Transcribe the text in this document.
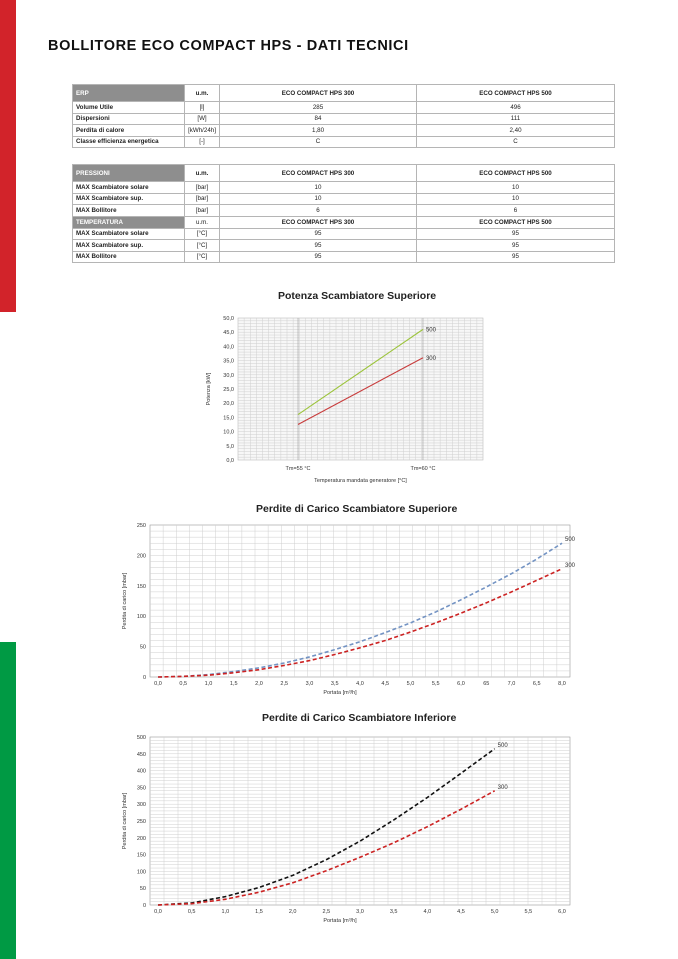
BOLLITORE ECO COMPACT HPS - DATI TECNICI
ERP	u.m.	ECO COMPACT HPS 300	ECO COMPACT HPS 500
Volume Utile	[l]	285	496
Dispersioni	[W]	84	111
Perdita di calore	[kWh/24h]	1,80	2,40
Classe efficienza energetica	[-]	C	C
PRESSIONI	u.m.	ECO COMPACT HPS 300	ECO COMPACT HPS 500
MAX Scambiatore solare	[bar]	10	10
MAX Scambiatore sup.	[bar]	10	10
MAX Bollitore	[bar]	6	6
TEMPERATURA	u.m.	ECO COMPACT HPS 300	ECO COMPACT HPS 500
MAX Scambiatore solare	[°C]	95	95
MAX Scambiatore sup.	[°C]	95	95
MAX Bollitore	[°C]	95	95
Potenza Scambiatore Superiore
0,0
5,0
10,0
15,0
20,0
25,0
30,0
35,0
40,0
45,0
50,0
Tm=55 °C	Tm=60 °C
Temperatura mandata generatore [°C]
Potenza [kW]
500
300
Perdite di Carico Scambiatore Superiore
0
50
100
150
200
250
0,0	0,5	1,0	1,5	2,0	2,5	3,0	3,5	4,0	4,5	5,0	5,5	6,0	65	7,0	6,5	8,0
Portata [m³/h]
Perdita di carico [mbar]
500
300
Perdite di Carico Scambiatore Inferiore
0
50
100
150
200
250
300
350
400
450
500
0,0	0,5	1,0	1,5	2,0	2,5	3,0	3,5	4,0	4,5	5,0	5,5	6,0
Portata [m³/h]
Perdita di carico [mbar]
500
300
